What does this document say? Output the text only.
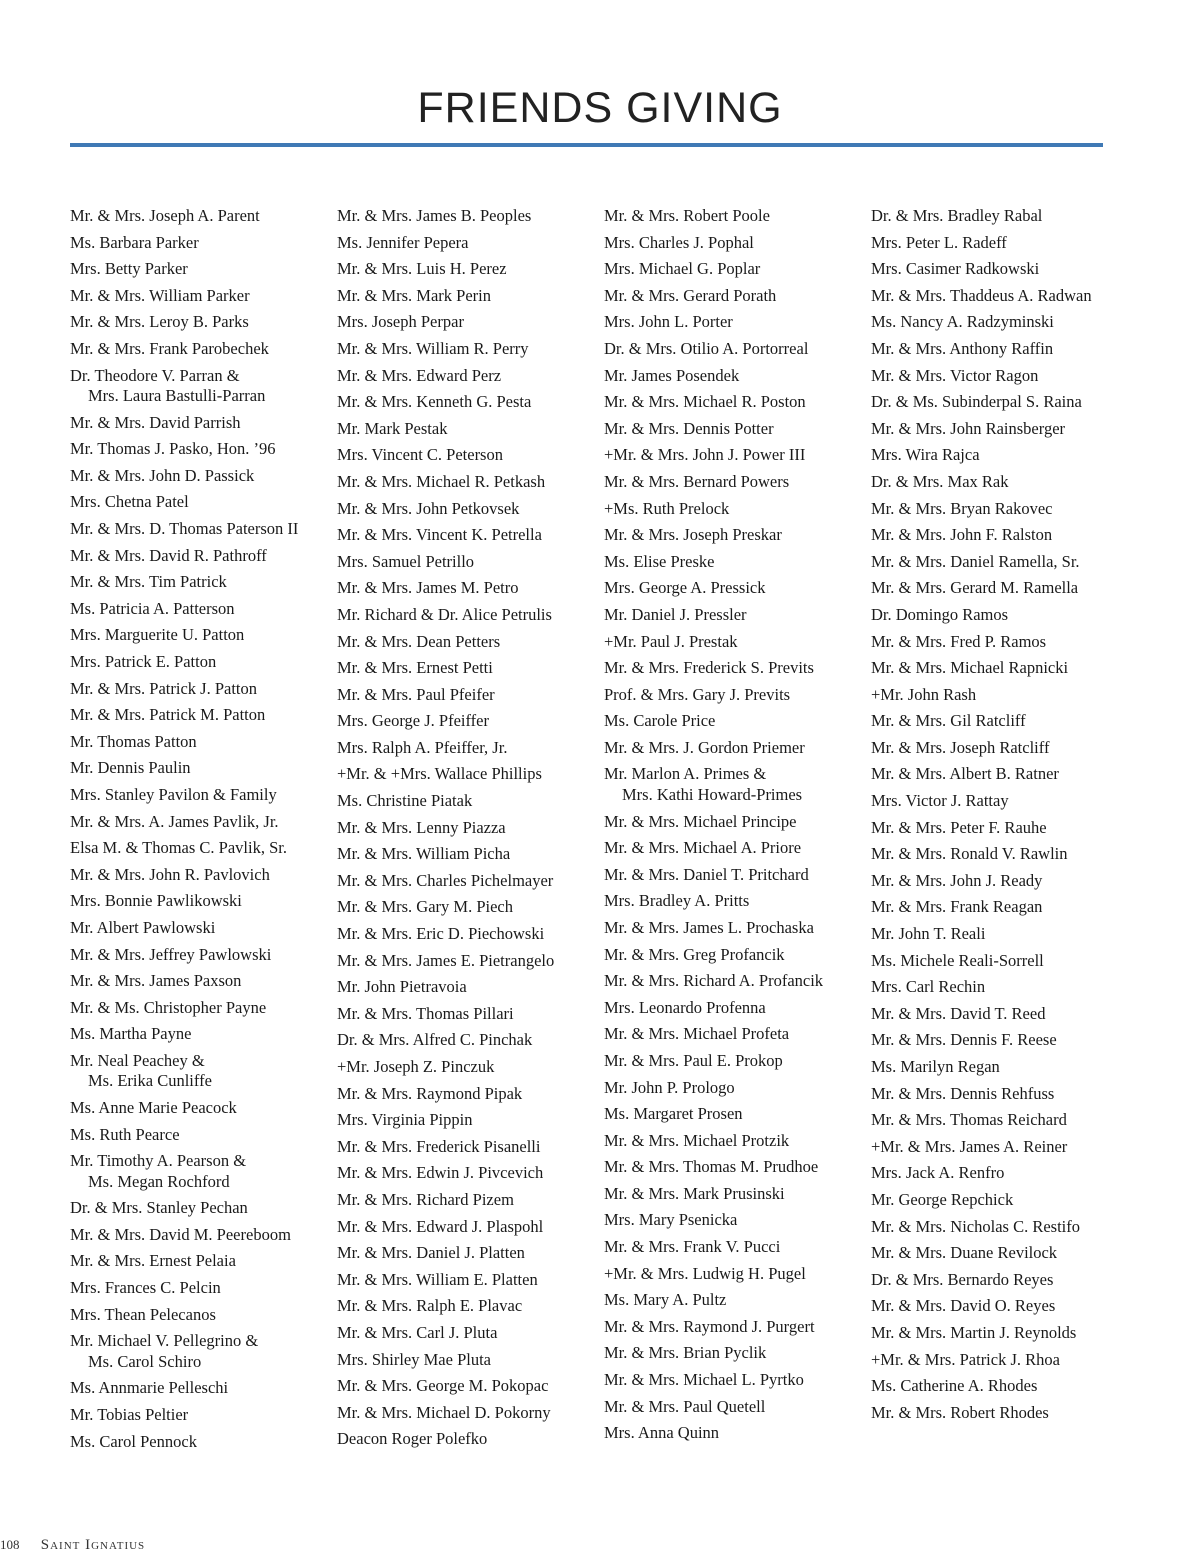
FRIENDS GIVING
Mr. & Mrs. Joseph A. Parent
Ms. Barbara Parker
Mrs. Betty Parker
Mr. & Mrs. William Parker
Mr. & Mrs. Leroy B. Parks
Mr. & Mrs. Frank Parobechek
Dr. Theodore V. Parran &
Mrs. Laura Bastulli-Parran
Mr. & Mrs. David Parrish
Mr. Thomas J. Pasko, Hon. ’96
Mr. & Mrs. John D. Passick
Mrs. Chetna Patel
Mr. & Mrs. D. Thomas Paterson II
Mr. & Mrs. David R. Pathroff
Mr. & Mrs. Tim Patrick
Ms. Patricia A. Patterson
Mrs. Marguerite U. Patton
Mrs. Patrick E. Patton
Mr. & Mrs. Patrick J. Patton
Mr. & Mrs. Patrick M. Patton
Mr. Thomas Patton
Mr. Dennis Paulin
Mrs. Stanley Pavilon & Family
Mr. & Mrs. A. James Pavlik, Jr.
Elsa M. & Thomas C. Pavlik, Sr.
Mr. & Mrs. John R. Pavlovich
Mrs. Bonnie Pawlikowski
Mr. Albert Pawlowski
Mr. & Mrs. Jeffrey Pawlowski
Mr. & Mrs. James Paxson
Mr. & Ms. Christopher Payne
Ms. Martha Payne
Mr. Neal Peachey &
Ms. Erika Cunliffe
Ms. Anne Marie Peacock
Ms. Ruth Pearce
Mr. Timothy A. Pearson &
Ms. Megan Rochford
Dr. & Mrs. Stanley Pechan
Mr. & Mrs. David M. Peereboom
Mr. & Mrs. Ernest Pelaia
Mrs. Frances C. Pelcin
Mrs. Thean Pelecanos
Mr. Michael V. Pellegrino &
Ms. Carol Schiro
Ms. Annmarie Pelleschi
Mr. Tobias Peltier
Ms. Carol Pennock
Mr. & Mrs. James B. Peoples
Ms. Jennifer Pepera
Mr. & Mrs. Luis H. Perez
Mr. & Mrs. Mark Perin
Mrs. Joseph Perpar
Mr. & Mrs. William R. Perry
Mr. & Mrs. Edward Perz
Mr. & Mrs. Kenneth G. Pesta
Mr. Mark Pestak
Mrs. Vincent C. Peterson
Mr. & Mrs. Michael R. Petkash
Mr. & Mrs. John Petkovsek
Mr. & Mrs. Vincent K. Petrella
Mrs. Samuel Petrillo
Mr. & Mrs. James M. Petro
Mr. Richard & Dr. Alice Petrulis
Mr. & Mrs. Dean Petters
Mr. & Mrs. Ernest Petti
Mr. & Mrs. Paul Pfeifer
Mrs. George J. Pfeiffer
Mrs. Ralph A. Pfeiffer, Jr.
+Mr. & +Mrs. Wallace Phillips
Ms. Christine Piatak
Mr. & Mrs. Lenny Piazza
Mr. & Mrs. William Picha
Mr. & Mrs. Charles Pichelmayer
Mr. & Mrs. Gary M. Piech
Mr. & Mrs. Eric D. Piechowski
Mr. & Mrs. James E. Pietrangelo
Mr. John Pietravoia
Mr. & Mrs. Thomas Pillari
Dr. & Mrs. Alfred C. Pinchak
+Mr. Joseph Z. Pinczuk
Mr. & Mrs. Raymond Pipak
Mrs. Virginia Pippin
Mr. & Mrs. Frederick Pisanelli
Mr. & Mrs. Edwin J. Pivcevich
Mr. & Mrs. Richard Pizem
Mr. & Mrs. Edward J. Plaspohl
Mr. & Mrs. Daniel J. Platten
Mr. & Mrs. William E. Platten
Mr. & Mrs. Ralph E. Plavac
Mr. & Mrs. Carl J. Pluta
Mrs. Shirley Mae Pluta
Mr. & Mrs. George M. Pokopac
Mr. & Mrs. Michael D. Pokorny
Deacon Roger Polefko
Mr. & Mrs. Robert Poole
Mrs. Charles J. Pophal
Mrs. Michael G. Poplar
Mr. & Mrs. Gerard Porath
Mrs. John L. Porter
Dr. & Mrs. Otilio A. Portorreal
Mr. James Posendek
Mr. & Mrs. Michael R. Poston
Mr. & Mrs. Dennis Potter
+Mr. & Mrs. John J. Power III
Mr. & Mrs. Bernard Powers
+Ms. Ruth Prelock
Mr. & Mrs. Joseph Preskar
Ms. Elise Preske
Mrs. George A. Pressick
Mr. Daniel J. Pressler
+Mr. Paul J. Prestak
Mr. & Mrs. Frederick S. Previts
Prof. & Mrs. Gary J. Previts
Ms. Carole Price
Mr. & Mrs. J. Gordon Priemer
Mr. Marlon A. Primes &
Mrs. Kathi Howard-Primes
Mr. & Mrs. Michael Principe
Mr. & Mrs. Michael A. Priore
Mr. & Mrs. Daniel T. Pritchard
Mrs. Bradley A. Pritts
Mr. & Mrs. James L. Prochaska
Mr. & Mrs. Greg Profancik
Mr. & Mrs. Richard A. Profancik
Mrs. Leonardo Profenna
Mr. & Mrs. Michael Profeta
Mr. & Mrs. Paul E. Prokop
Mr. John P. Prologo
Ms. Margaret Prosen
Mr. & Mrs. Michael Protzik
Mr. & Mrs. Thomas M. Prudhoe
Mr. & Mrs. Mark Prusinski
Mrs. Mary Psenicka
Mr. & Mrs. Frank V. Pucci
+Mr. & Mrs. Ludwig H. Pugel
Ms. Mary A. Pultz
Mr. & Mrs. Raymond J. Purgert
Mr. & Mrs. Brian Pyclik
Mr. & Mrs. Michael L. Pyrtko
Mr. & Mrs. Paul Quetell
Mrs. Anna Quinn
Dr. & Mrs. Bradley Rabal
Mrs. Peter L. Radeff
Mrs. Casimer Radkowski
Mr. & Mrs. Thaddeus A. Radwan
Ms. Nancy A. Radzyminski
Mr. & Mrs. Anthony Raffin
Mr. & Mrs. Victor Ragon
Dr. & Ms. Subinderpal S. Raina
Mr. & Mrs. John Rainsberger
Mrs. Wira Rajca
Dr. & Mrs. Max Rak
Mr. & Mrs. Bryan Rakovec
Mr. & Mrs. John F. Ralston
Mr. & Mrs. Daniel Ramella, Sr.
Mr. & Mrs. Gerard M. Ramella
Dr. Domingo Ramos
Mr. & Mrs. Fred P. Ramos
Mr. & Mrs. Michael Rapnicki
+Mr. John Rash
Mr. & Mrs. Gil Ratcliff
Mr. & Mrs. Joseph Ratcliff
Mr. & Mrs. Albert B. Ratner
Mrs. Victor J. Rattay
Mr. & Mrs. Peter F. Rauhe
Mr. & Mrs. Ronald V. Rawlin
Mr. & Mrs. John J. Ready
Mr. & Mrs. Frank Reagan
Mr. John T. Reali
Ms. Michele Reali-Sorrell
Mrs. Carl Rechin
Mr. & Mrs. David T. Reed
Mr. & Mrs. Dennis F. Reese
Ms. Marilyn Regan
Mr. & Mrs. Dennis Rehfuss
Mr. & Mrs. Thomas Reichard
+Mr. & Mrs. James A. Reiner
Mrs. Jack A. Renfro
Mr. George Repchick
Mr. & Mrs. Nicholas C. Restifo
Mr. & Mrs. Duane Revilock
Dr. & Mrs. Bernardo Reyes
Mr. & Mrs. David O. Reyes
Mr. & Mrs. Martin J. Reynolds
+Mr. & Mrs. Patrick J. Rhoa
Ms. Catherine A. Rhodes
Mr. & Mrs. Robert Rhodes
108 Saint Ignatius
